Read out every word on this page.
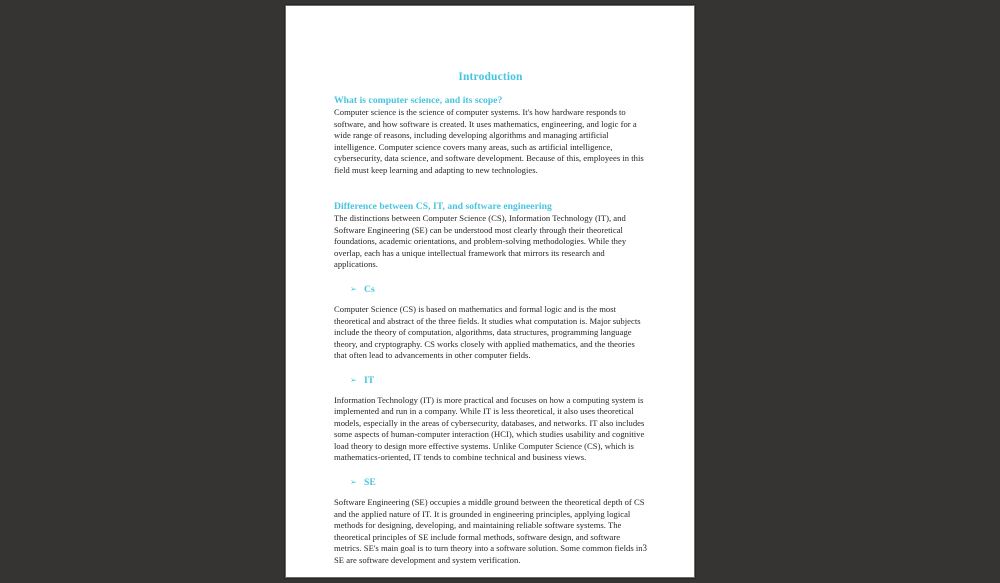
Introduction
What is computer science, and its scope?

Computer science is the science of computer systems. It's how hardware responds to software, and how software is created. It uses mathematics, engineering, and logic for a wide range of reasons, including developing algorithms and managing artificial intelligence. Computer science covers many areas, such as artificial intelligence, cybersecurity, data science, and software development. Because of this, employees in this field must keep learning and adapting to new technologies.

Difference between CS, IT, and software engineering

The distinctions between Computer Science (CS), Information Technology (IT), and Software Engineering (SE) can be understood most clearly through their theoretical foundations, academic orientations, and problem-solving methodologies. While they overlap, each has a unique intellectual framework that mirrors its research and applications.

➢ Cs

Computer Science (CS) is based on mathematics and formal logic and is the most theoretical and abstract of the three fields. It studies what computation is. Major subjects include the theory of computation, algorithms, data structures, programming language theory, and cryptography. CS works closely with applied mathematics, and the theories that often lead to advancements in other computer fields.

➢ IT

Information Technology (IT) is more practical and focuses on how a computing system is implemented and run in a company. While IT is less theoretical, it also uses theoretical models, especially in the areas of cybersecurity, databases, and networks. IT also includes some aspects of human-computer interaction (HCI), which studies usability and cognitive load theory to design more effective systems. Unlike Computer Science (CS), which is mathematics-oriented, IT tends to combine technical and business views.

➢ SE

Software Engineering (SE) occupies a middle ground between the theoretical depth of CS and the applied nature of IT. It is grounded in engineering principles, applying logical methods for designing, developing, and maintaining reliable software systems. The theoretical principles of SE include formal methods, software design, and software metrics. SE's main goal is to turn theory into a software solution. Some common fields in SE are software development and system verification.

3
